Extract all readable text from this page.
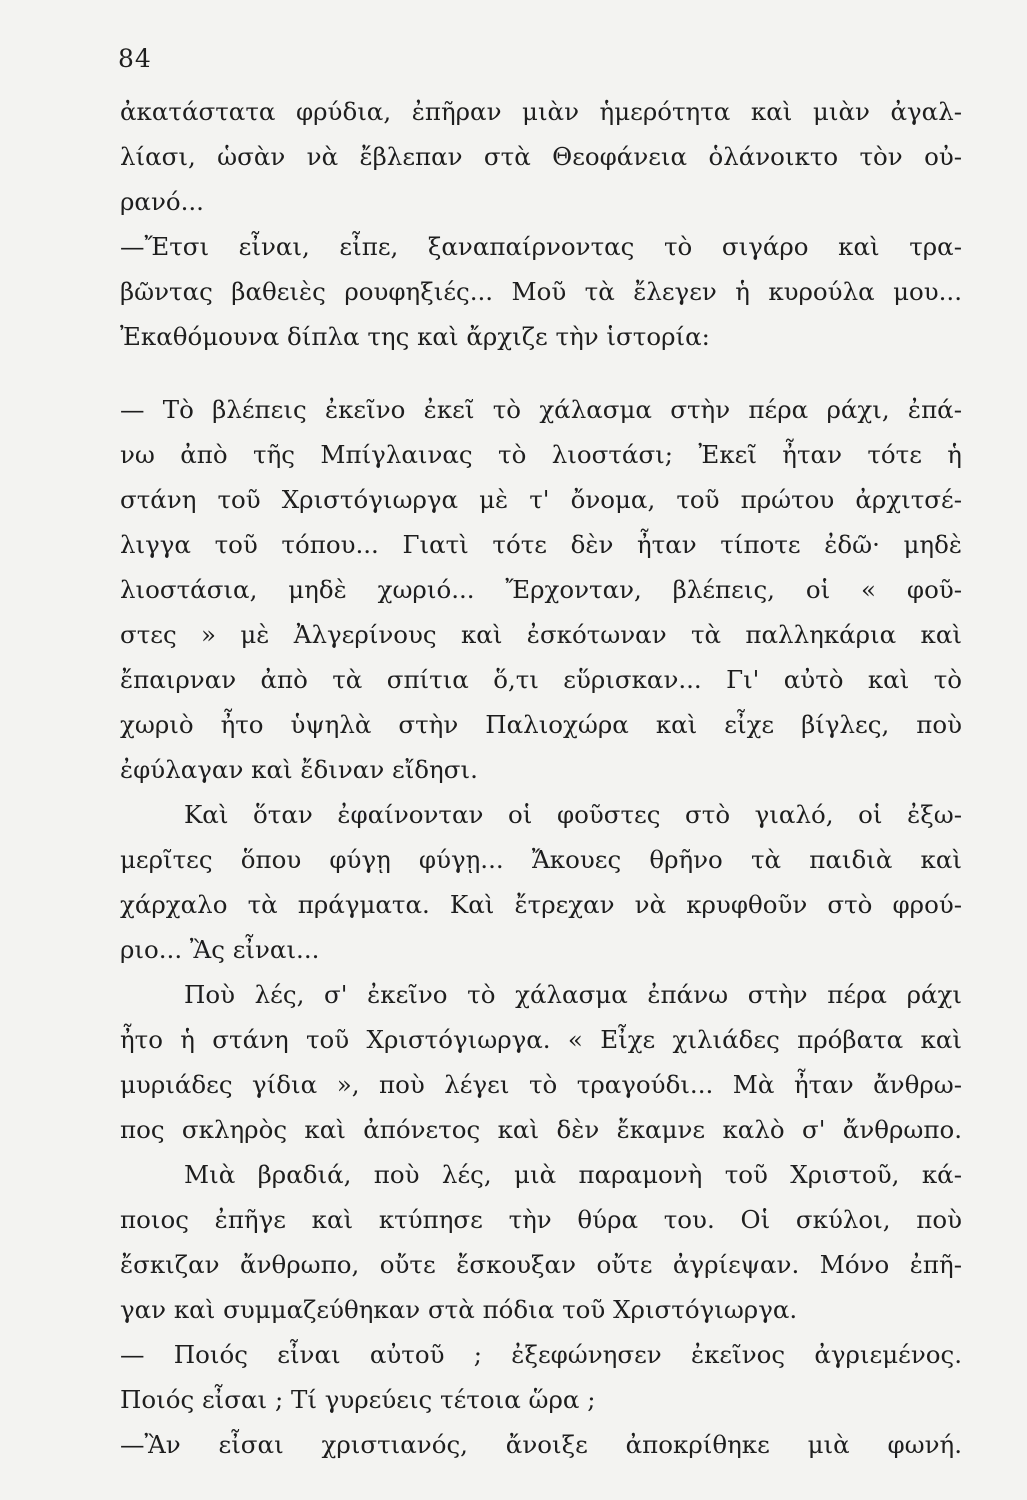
84
ἀκατάστατα φρύδια, ἐπῆραν μιὰν ἡμερότητα καὶ μιὰν ἀγαλ-
λίασι, ὡσὰν νὰ ἔβλεπαν στὰ Θεοφάνεια ὁλάνοικτο τὸν οὐ-
ρανό...
—Ἔτσι εἶναι, εἶπε, ξαναπαίρνοντας τὸ σιγάρο καὶ τρα-
βῶντας βαθειὲς ρουφηξιές... Μοῦ τὰ ἔλεγεν ἡ κυρούλα μου...
Ἐκαθόμουνα δίπλα της καὶ ἄρχιζε τὴν ἱστορία:
— Τὸ βλέπεις ἐκεῖνο ἐκεῖ τὸ χάλασμα στὴν πέρα ράχι, ἐπά-
νω ἀπὸ τῆς Μπίγλαινας τὸ λιοστάσι; Ἐκεῖ ἦταν τότε ἡ
στάνη τοῦ Χριστόγιωργα μὲ τ' ὄνομα, τοῦ πρώτου ἀρχιτσέ-
λιγγα τοῦ τόπου... Γιατὶ τότε δὲν ἦταν τίποτε ἐδῶ· μηδὲ
λιοστάσια, μηδὲ χωριό... Ἔρχονταν, βλέπεις, οἱ « φοῦ-
στες » μὲ Ἀλγερίνους καὶ ἐσκότωναν τὰ παλληκάρια καὶ
ἔπαιρναν ἀπὸ τὰ σπίτια ὅ,τι εὕρισκαν... Γι' αὐτὸ καὶ τὸ
χωριὸ ἦτο ὑψηλὰ στὴν Παλιοχώρα καὶ εἶχε βίγλες, ποὺ
ἐφύλαγαν καὶ ἔδιναν εἴδησι.
Καὶ ὅταν ἐφαίνονταν οἱ φοῦστες στὸ γιαλό, οἱ ἐξω-
μερῖτες ὅπου φύγῃ φύγῃ... Ἄκουες θρῆνο τὰ παιδιὰ καὶ
χάρχαλο τὰ πράγματα. Καὶ ἔτρεχαν νὰ κρυφθοῦν στὸ φρού-
ριο... Ἂς εἶναι...
Ποὺ λές, σ' ἐκεῖνο τὸ χάλασμα ἐπάνω στὴν πέρα ράχι
ἦτο ἡ στάνη τοῦ Χριστόγιωργα. « Εἶχε χιλιάδες πρόβατα καὶ
μυριάδες γίδια », ποὺ λέγει τὸ τραγούδι... Μὰ ἦταν ἄνθρω-
πος σκληρὸς καὶ ἀπόνετος καὶ δὲν ἔκαμνε καλὸ σ' ἄνθρωπο.
Μιὰ βραδιά, ποὺ λές, μιὰ παραμονὴ τοῦ Χριστοῦ, κά-
ποιος ἐπῆγε καὶ κτύπησε τὴν θύρα του. Οἱ σκύλοι, ποὺ
ἔσκιζαν ἄνθρωπο, οὔτε ἔσκουξαν οὔτε ἀγρίεψαν. Μόνο ἐπῆ-
γαν καὶ συμμαζεύθηκαν στὰ πόδια τοῦ Χριστόγιωργα.
— Ποιός εἶναι αὐτοῦ ; ἐξεφώνησεν ἐκεῖνος ἀγριεμένος.
Ποιός εἶσαι ; Τί γυρεύεις τέτοια ὥρα ;
—Ἂν εἶσαι χριστιανός, ἄνοιξε ἀποκρίθηκε μιὰ φωνή.
